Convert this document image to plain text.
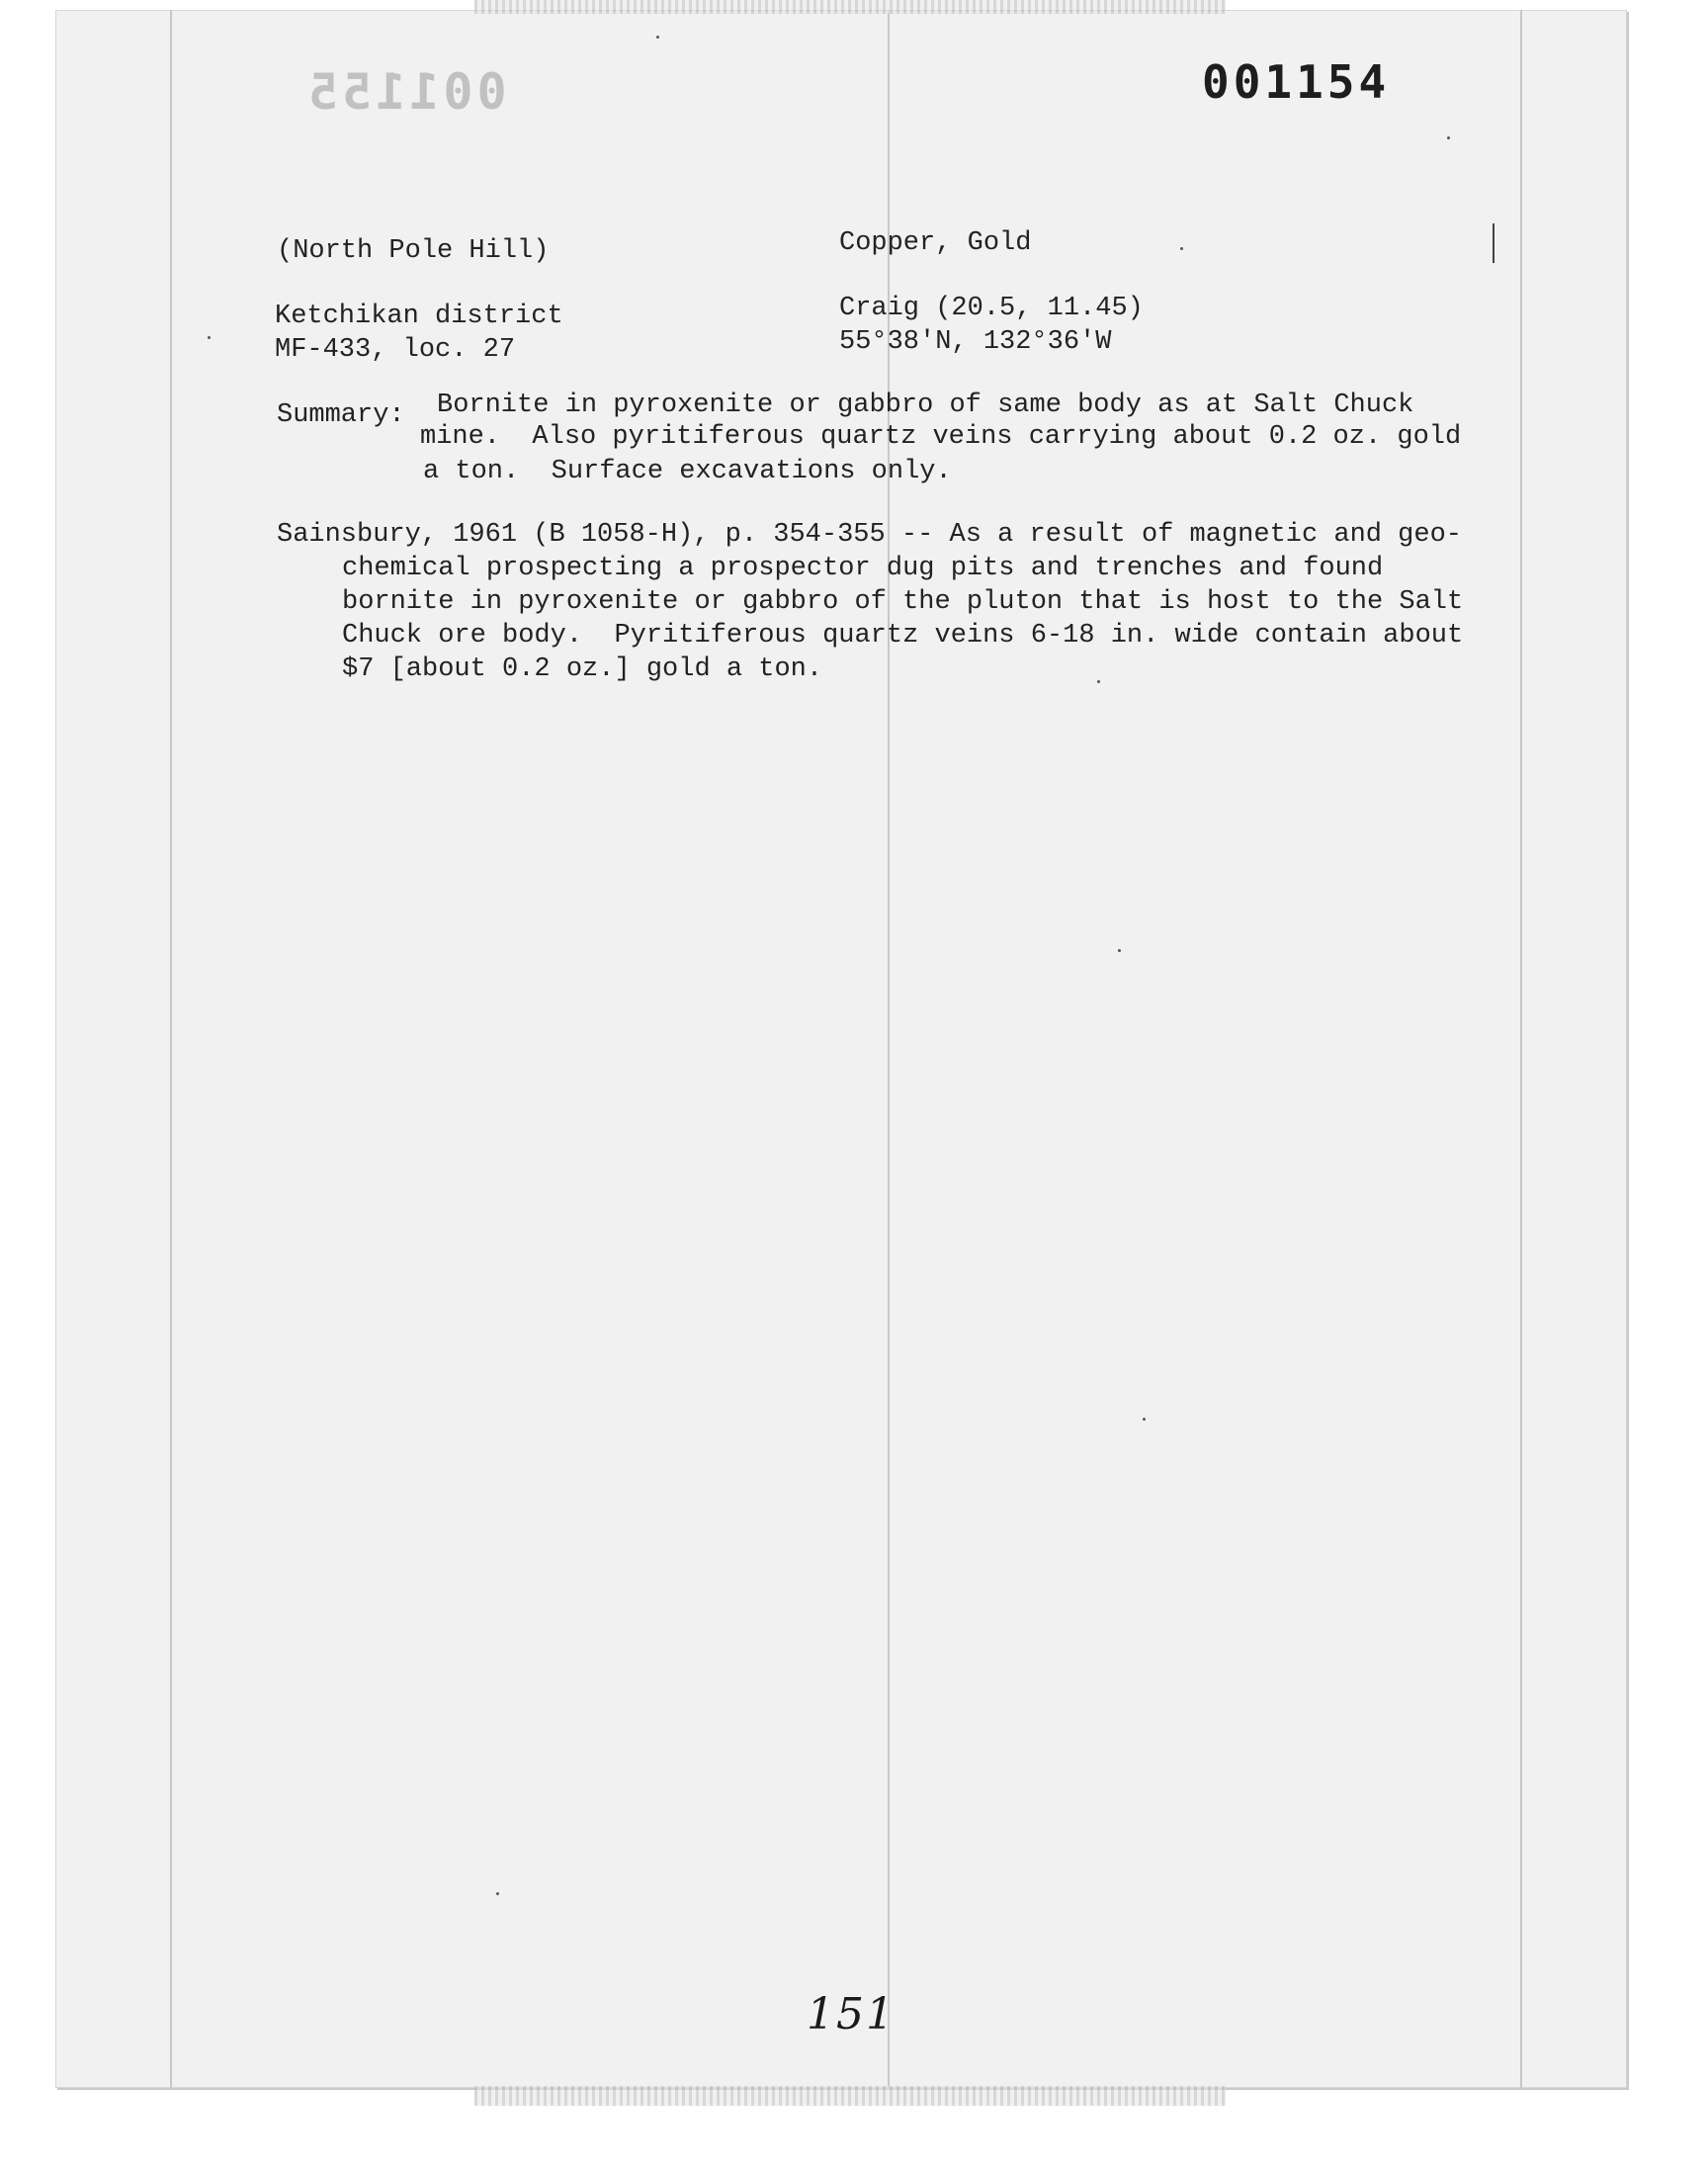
001155	001154
(North Pole Hill)
Ketchikan district
MF-433, loc. 27
Copper, Gold
Craig (20.5, 11.45)
55°38'N, 132°36'W
Summary: Bornite in pyroxenite or gabbro of same body as at Salt Chuck
mine.  Also pyritiferous quartz veins carrying about 0.2 oz. gold
a ton.  Surface excavations only.
Sainsbury, 1961 (B 1058-H), p. 354-355 -- As a result of magnetic and geo-
chemical prospecting a prospector dug pits and trenches and found
bornite in pyroxenite or gabbro of the pluton that is host to the Salt
Chuck ore body.  Pyritiferous quartz veins 6-18 in. wide contain about
$7 [about 0.2 oz.] gold a ton.
151
